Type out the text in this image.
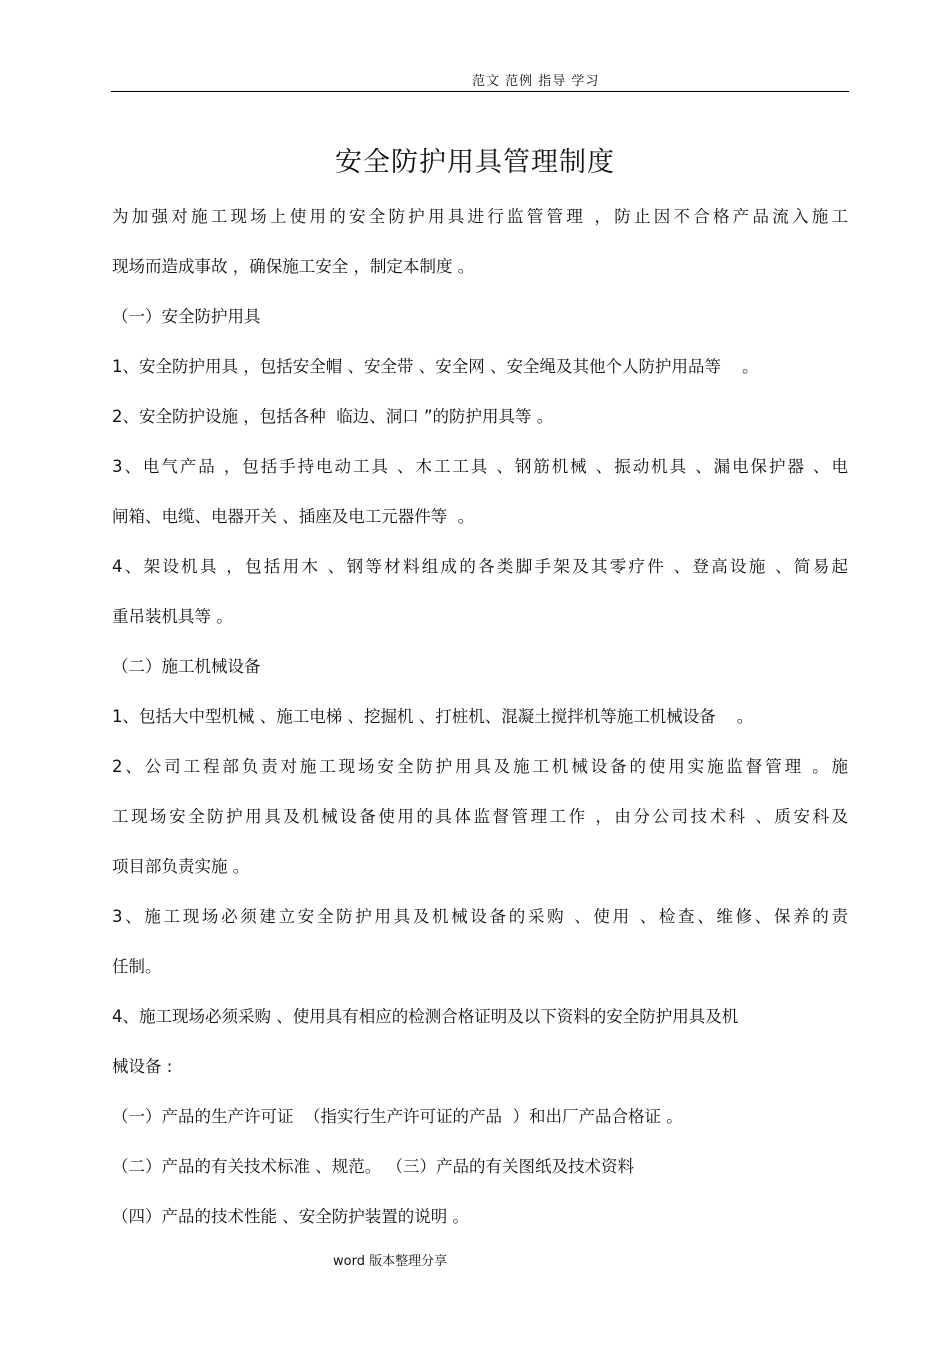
范文 范例 指导 学习
安全防护用具管理制度
为加强对施工现场上使用的安全防护用具进行监管管理 ，防止因不合格产品流入施工
现场而造成事故 ，确保施工安全 ，制定本制度 。
（一）安全防护用具
1、安全防护用具 ，包括安全帽 、安全带 、安全网 、安全绳及其他个人防护用品等    。
2、安全防护设施 ，包括各种  临边、洞口 ”的防护用具等 。
3、电气产品 ，包括手持电动工具 、木工工具 、钢筋机械 、振动机具 、漏电保护器 、电
闸箱、电缆、电器开关 、插座及电工元器件等  。
4、架设机具 ，包括用木 、钢等材料组成的各类脚手架及其零疗件 、登高设施 、简易起
重吊装机具等 。
（二）施工机械设备
1、包括大中型机械 、施工电梯 、挖掘机 、打桩机、混凝土搅拌机等施工机械设备    。
2、公司工程部负责对施工现场安全防护用具及施工机械设备的使用实施监督管理 。施
工现场安全防护用具及机械设备使用的具体监督管理工作 ，由分公司技术科 、质安科及
项目部负责实施 。
3、施工现场必须建立安全防护用具及机械设备的采购 、使用 、检查、维修、保养的责
任制。
4、施工现场必须采购 、使用具有相应的检测合格证明及以下资料的安全防护用具及机
械设备 :
（一）产品的生产许可证  （指实行生产许可证的产品  ）和出厂产品合格证 。
（二）产品的有关技术标准 、规范。 （三）产品的有关图纸及技术资料
（四）产品的技术性能 、安全防护装置的说明 。
word 版本整理分享
